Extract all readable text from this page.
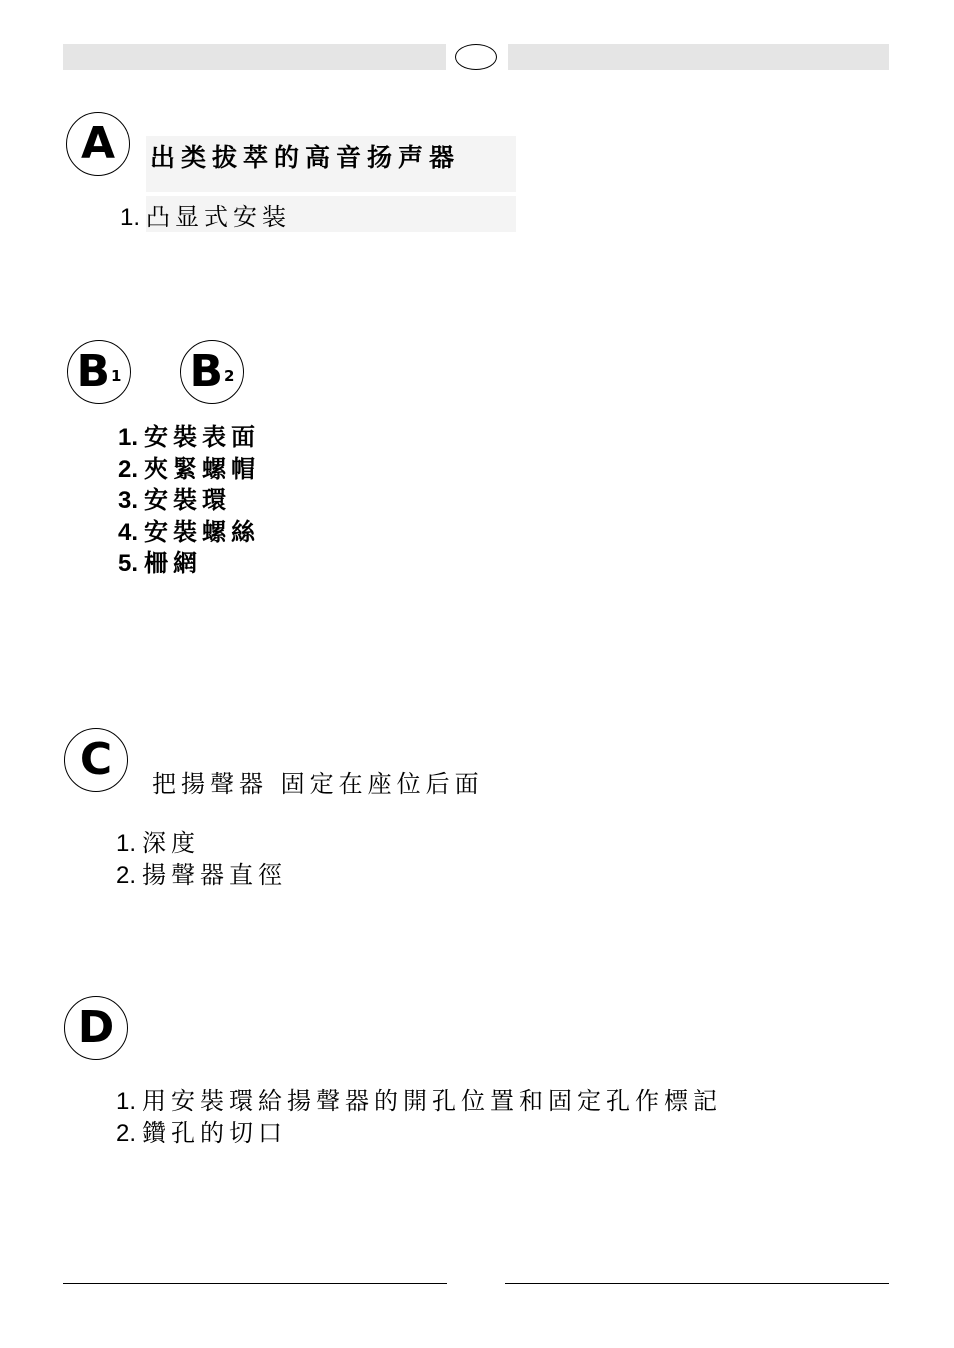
A 出类拔萃的高音扬声器
1. 凸显式安装
B 1 B 2
1. 安裝表面
2. 夾緊螺帽
3. 安裝環
4. 安裝螺絲
5. 柵網
C 把揚聲器 固定在座位后面
1. 深度
2. 揚聲器直徑
D
1. 用安裝環給揚聲器的開孔位置和固定孔作標記
2. 鑽孔的切口
